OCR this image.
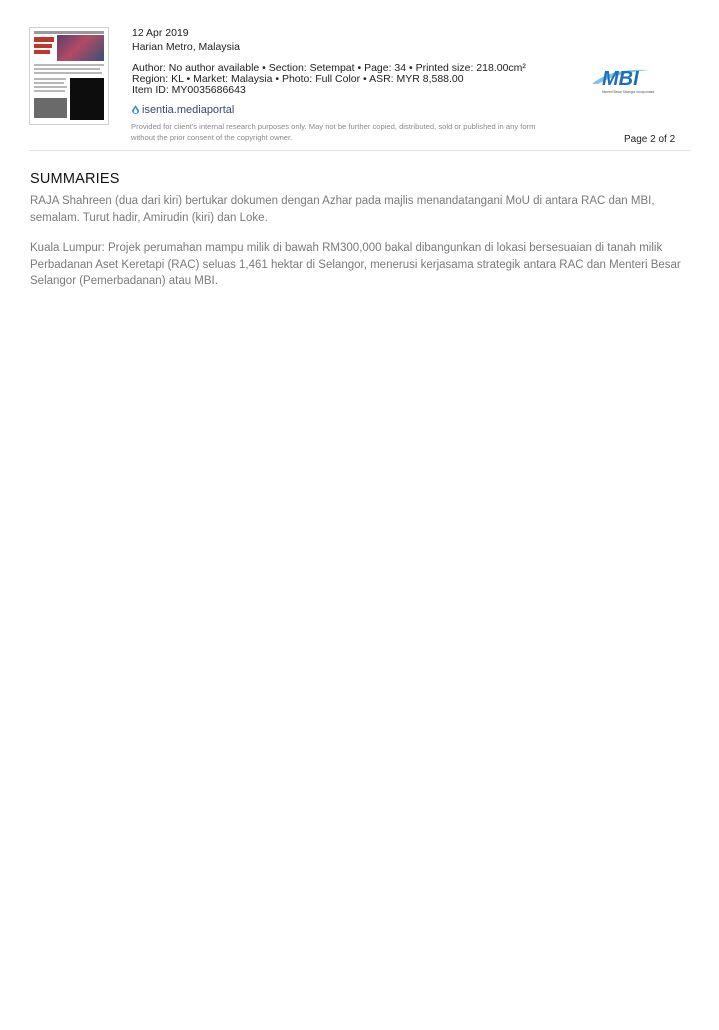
12 Apr 2019
Harian Metro, Malaysia
Author: No author available • Section: Setempat • Page: 34 • Printed size: 218.00cm²
Region: KL • Market: Malaysia • Photo: Full Color • ASR: MYR 8,588.00
Item ID: MY0035686643
isentia.mediaportal
Provided for client's internal research purposes only. May not be further copied, distributed, sold or published in any form without the prior consent of the copyright owner.	Page 2 of 2
MBI
Menteri Besar Selangor Incorporated
SUMMARIES
RAJA Shahreen (dua dari kiri) bertukar dokumen dengan Azhar pada majlis menandatangani MoU di antara RAC dan MBI, semalam. Turut hadir, Amirudin (kiri) dan Loke.
Kuala Lumpur: Projek perumahan mampu milik di bawah RM300,000 bakal dibangunkan di lokasi bersesuaian di tanah milik Perbadanan Aset Keretapi (RAC) seluas 1,461 hektar di Selangor, menerusi kerjasama strategik antara RAC dan Menteri Besar Selangor (Pemerbadanan) atau MBI.
